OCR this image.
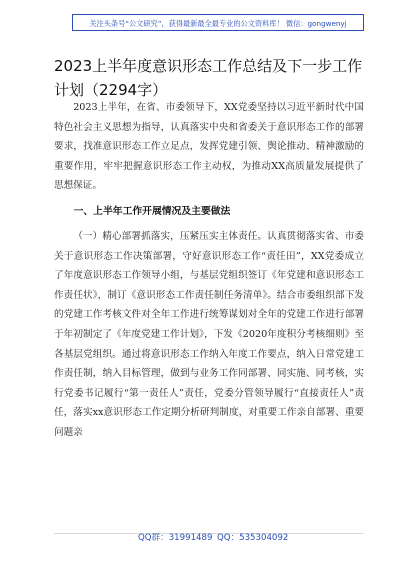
关注头条号“公文研究”，获得最新最全最专业的公文资料库！ 微信：gongwenyj
2023上半年度意识形态工作总结及下一步工作计划（2294字）

2023上半年，在省、市委领导下，XX党委坚持以习近平新时代中国特色社会主义思想为指导，认真落实中央和省委关于意识形态工作的部署要求，找准意识形态工作立足点，发挥党建引领、舆论推动、精神激励的重要作用，牢牢把握意识形态工作主动权，为推动XX高质量发展提供了思想保证。

一、上半年工作开展情况及主要做法

（一）精心部署抓落实，压紧压实主体责任。认真贯彻落实省、市委关于意识形态工作决策部署，守好意识形态工作“责任田”，XX党委成立了年度意识形态工作领导小组，与基层党组织签订《年党建和意识形态工作责任状》，制订《意识形态工作责任制任务清单》。结合市委组织部下发的党建工作考核文件对全年工作进行统筹谋划对全年的党建工作进行部署于年初制定了《年度党建工作计划》，下发《2020年度积分考核细则》至各基层党组织。通过将意识形态工作纳入年度工作要点，纳入日常党建工作责任制，纳入目标管理，做到与业务工作同部署、同实施、同考核，实行党委书记履行“第一责任人”责任，党委分管领导履行“直接责任人”责任，落实xx意识形态工作定期分析研判制度，对重要工作亲自部署、重要问题亲

QQ群：31991489 QQ：535304092
